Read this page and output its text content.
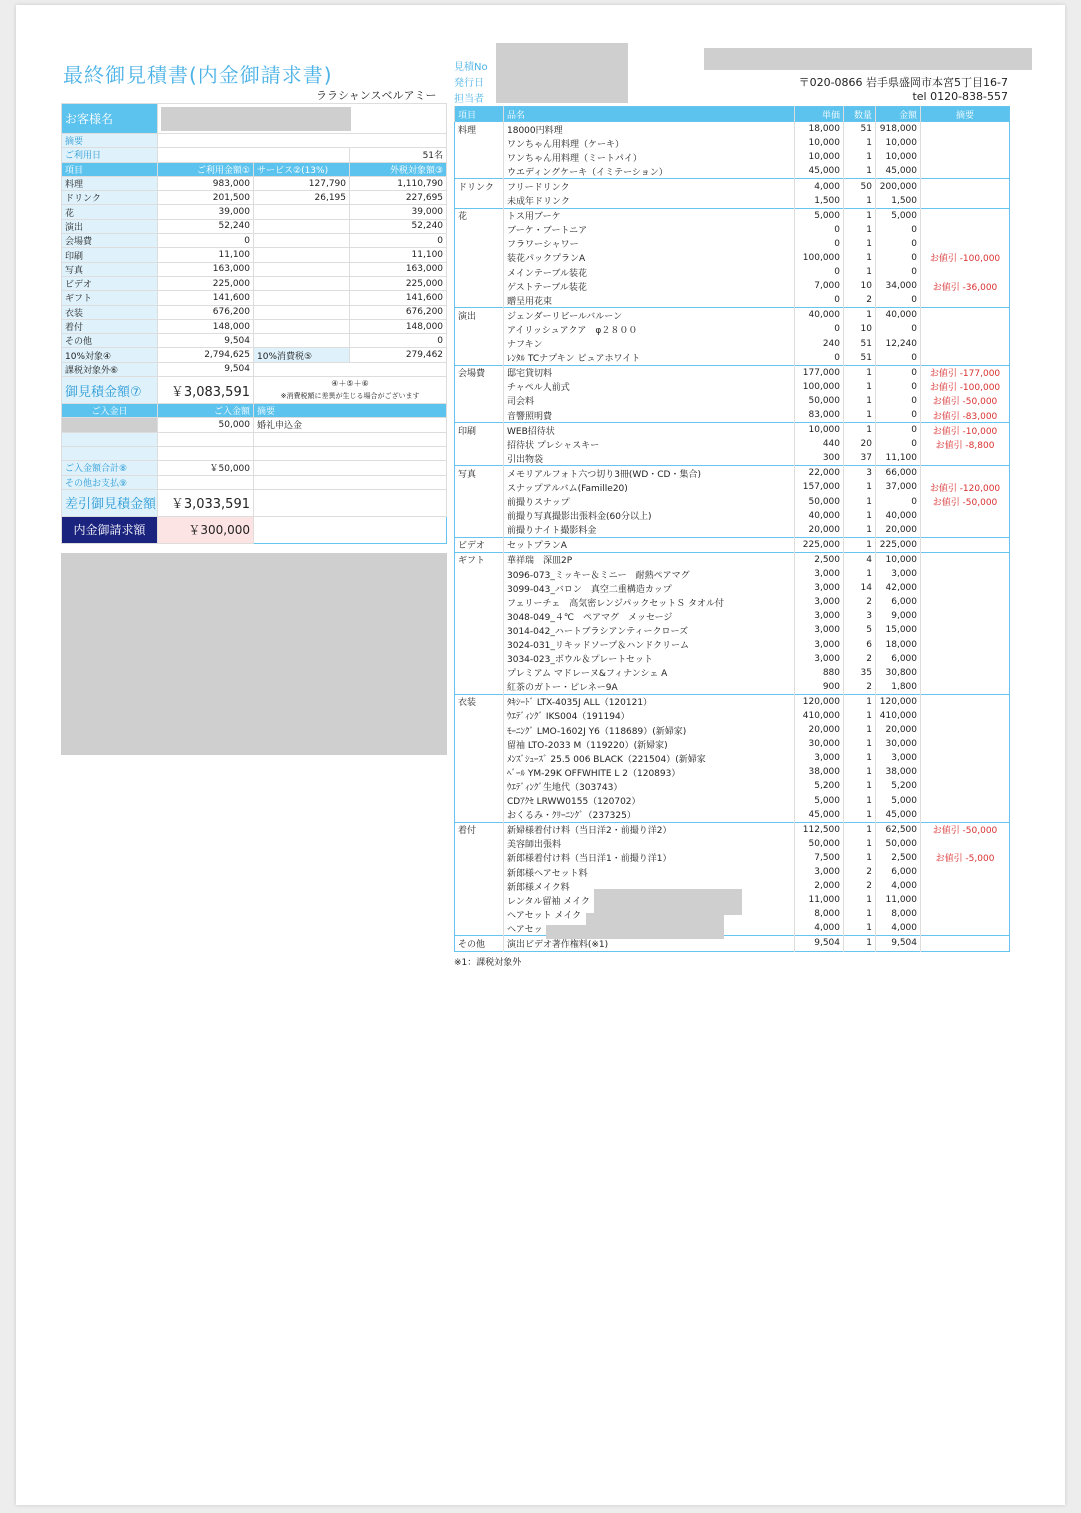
最終御見積書(内金御請求書)
ララシャンスベルアミー
見積No
発行日
担当者
〒020-0866 岩手県盛岡市本宮5丁目16-7
tel 0120-838-557
お客様名			

摘要			
ご利用日			51名
項目	ご利用金額①	サービス②(13%)	外税対象額③
料理	983,000	127,790	1,110,790
ドリンク	201,500	26,195	227,695
花	39,000		39,000
演出	52,240		52,240
会場費	0		0
印刷	11,100		11,100
写真	163,000		163,000
ビデオ	225,000		225,000
ギフト	141,600		141,600
衣装	676,200		676,200
着付	148,000		148,000
その他	9,504		0
10%対象④	2,794,625	10%消費税⑤	279,462
課税対象外⑥	9,504		
御見積金額⑦	￥3,083,591	④＋⑤＋⑥
※消費税額に差異が生じる場合がございます	

ご入金日	ご入金額	摘要	
	50,000	婚礼申込金	

ご入金額合計⑧	￥50,000		
その他お支払⑨			
差引御見積金額	￥3,033,591		
内金御請求額	￥300,000		
項目	品名	単価	数量	金額	摘要
料理	18000円料理	18,000	51	918,000	
	ワンちゃん用料理（ケーキ）	10,000	1	10,000	
	ワンちゃん用料理（ミートパイ）	10,000	1	10,000	
	ウエディングケーキ（イミテーション）	45,000	1	45,000	
ドリンク	フリードリンク	4,000	50	200,000	
	未成年ドリンク	1,500	1	1,500	
花	トス用ブーケ	5,000	1	5,000	
	ブーケ・ブートニア	0	1	0	
	フラワーシャワー	0	1	0	
	装花パックプランA	100,000	1	0	お値引 -100,000
	メインテーブル装花	0	1	0	
	ゲストテーブル装花	7,000	10	34,000	お値引 -36,000
	贈呈用花束	0	2	0	
演出	ジェンダーリビールバルーン	40,000	1	40,000	
	アイリッシュアクア　φ２８００	0	10	0	
	ナフキン	240	51	12,240	
	ﾚﾝﾀﾙ TCナプキン ピュアホワイト	0	51	0	
会場費	邸宅貸切料	177,000	1	0	お値引 -177,000
	チャペル人前式	100,000	1	0	お値引 -100,000
	司会料	50,000	1	0	お値引 -50,000
	音響照明費	83,000	1	0	お値引 -83,000
印刷	WEB招待状	10,000	1	0	お値引 -10,000
	招待状 プレシャスキー	440	20	0	お値引 -8,800
	引出物袋	300	37	11,100	
写真	メモリアルフォト六つ切り3冊(WD・CD・集合)	22,000	3	66,000	
	スナップアルバム(Famille20)	157,000	1	37,000	お値引 -120,000
	前撮りスナップ	50,000	1	0	お値引 -50,000
	前撮り写真撮影出張料金(60分以上)	40,000	1	40,000	
	前撮りナイト撮影料金	20,000	1	20,000	
ビデオ	セットプランA	225,000	1	225,000	
ギフト	華祥瑞　深皿2P	2,500	4	10,000	
	3096-073_ミッキー＆ミニー　耐熱ペアマグ	3,000	1	3,000	
	3099-043_バロン　真空二重構造カップ	3,000	14	42,000	
	フェリーチェ　高気密レンジパックセットＳ タオル付	3,000	2	6,000	
	3048-049_４℃　ペアマグ　メッセージ	3,000	3	9,000	
	3014-042_ハートブラシアンティークローズ	3,000	5	15,000	
	3024-031_リキッドソープ＆ハンドクリーム	3,000	6	18,000	
	3034-023_ボウル＆プレートセット	3,000	2	6,000	
	プレミアム マドレーヌ&フィナンシェ A	880	35	30,800	
	紅茶のガトー・ピレネー9A	900	2	1,800	
衣装	ﾀｷｼｰﾄﾞ LTX-4035J ALL（120121）	120,000	1	120,000	
	ｳｴﾃﾞｨﾝｸﾞ IKS004（191194）	410,000	1	410,000	
	ﾓｰﾆﾝｸﾞ LMO-1602J Y6（118689）(新婦家)	20,000	1	20,000	
	留袖 LTO-2033 M（119220）(新婦家)	30,000	1	30,000	
	ﾒﾝｽﾞｼｭｰｽﾞ 25.5 006 BLACK（221504）(新婦家	3,000	1	3,000	
	ﾍﾞｰﾙ YM-29K OFFWHITE L 2（120893）	38,000	1	38,000	
	ｳｴﾃﾞｨﾝｸﾞ生地代（303743）	5,200	1	5,200	
	CDｱｸｾ LRWW0155（120702）	5,000	1	5,000	
	おくるみ・ｸﾘｰﾆﾝｸﾞ（237325）	45,000	1	45,000	
着付	新婦様着付け料（当日洋2・前撮り洋2）	112,500	1	62,500	お値引 -50,000
	美容師出張料	50,000	1	50,000	
	新郎様着付け料（当日洋1・前撮り洋1）	7,500	1	2,500	お値引 -5,000
	新郎様ヘアセット料	3,000	2	6,000	
	新郎様メイク料	2,000	2	4,000	
	レンタル留袖 メイク	11,000	1	11,000	
	ヘアセット メイク	8,000	1	8,000	
	ヘアセッ	4,000	1	4,000	
その他	演出ビデオ著作権料(※1)	9,504	1	9,504	
※1：課税対象外
